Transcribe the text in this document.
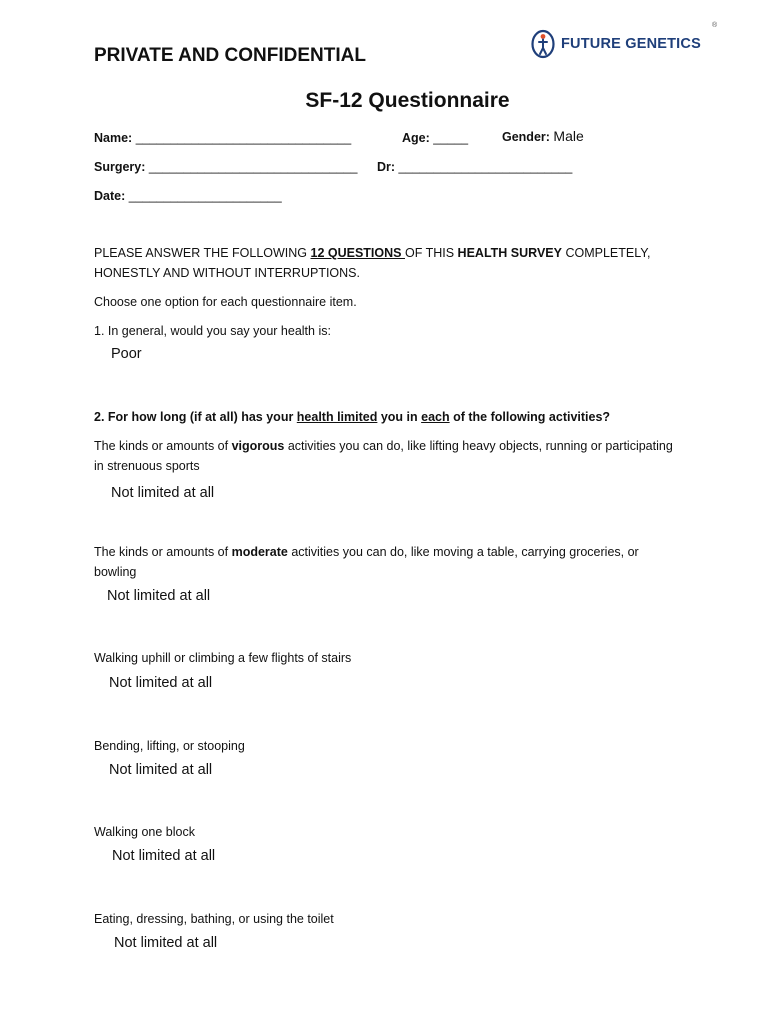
PRIVATE AND CONFIDENTIAL
FUTURE GENETICS
®
SF-12 Questionnaire
Name: _______________________________	Age: _____	Gender: Male
Surgery: ______________________________ Dr: _________________________
Date: ______________________
PLEASE ANSWER THE FOLLOWING 12 QUESTIONS OF THIS HEALTH SURVEY COMPLETELY, HONESTLY AND WITHOUT INTERRUPTIONS.
Choose one option for each questionnaire item.
1. In general, would you say your health is:
Poor
2. For how long (if at all) has your health limited you in each of the following activities?
The kinds or amounts of vigorous activities you can do, like lifting heavy objects, running or participating in strenuous sports
Not limited at all
The kinds or amounts of moderate activities you can do, like moving a table, carrying groceries, or bowling
Not limited at all
Walking uphill or climbing a few flights of stairs
Not limited at all
Bending, lifting, or stooping
Not limited at all
Walking one block
Not limited at all
Eating, dressing, bathing, or using the toilet
Not limited at all
